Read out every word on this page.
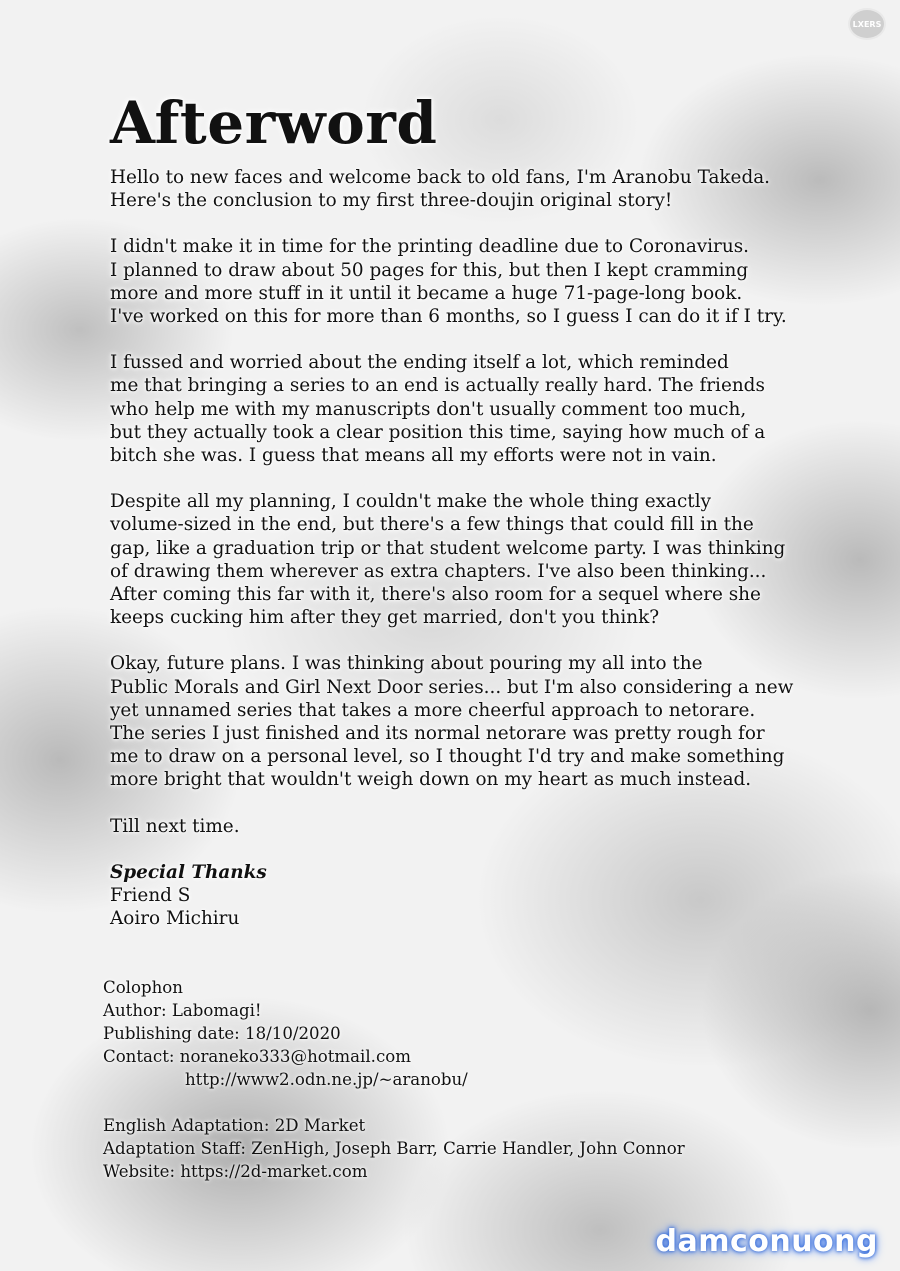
LXERS
Afterword

Hello to new faces and welcome back to old fans, I'm Aranobu Takeda.
Here's the conclusion to my first three-doujin original story!

I didn't make it in time for the printing deadline due to Coronavirus.
I planned to draw about 50 pages for this, but then I kept cramming
more and more stuff in it until it became a huge 71-page-long book.
I've worked on this for more than 6 months, so I guess I can do it if I try.

I fussed and worried about the ending itself a lot, which reminded
me that bringing a series to an end is actually really hard. The friends
who help me with my manuscripts don't usually comment too much,
but they actually took a clear position this time, saying how much of a
bitch she was. I guess that means all my efforts were not in vain.

Despite all my planning, I couldn't make the whole thing exactly
volume-sized in the end, but there's a few things that could fill in the
gap, like a graduation trip or that student welcome party. I was thinking
of drawing them wherever as extra chapters. I've also been thinking...
After coming this far with it, there's also room for a sequel where she
keeps cucking him after they get married, don't you think?

Okay, future plans. I was thinking about pouring my all into the
Public Morals and Girl Next Door series... but I'm also considering a new
yet unnamed series that takes a more cheerful approach to netorare.
The series I just finished and its normal netorare was pretty rough for
me to draw on a personal level, so I thought I'd try and make something
more bright that wouldn't weigh down on my heart as much instead.

Till next time.

Special Thanks
Friend S
Aoiro Michiru
Colophon
Author: Labomagi!
Publishing date: 18/10/2020
Contact: noraneko333@hotmail.com
http://www2.odn.ne.jp/~aranobu/
English Adaptation: 2D Market
Adaptation Staff: ZenHigh, Joseph Barr, Carrie Handler, John Connor
Website: https://2d-market.com
damconuong
